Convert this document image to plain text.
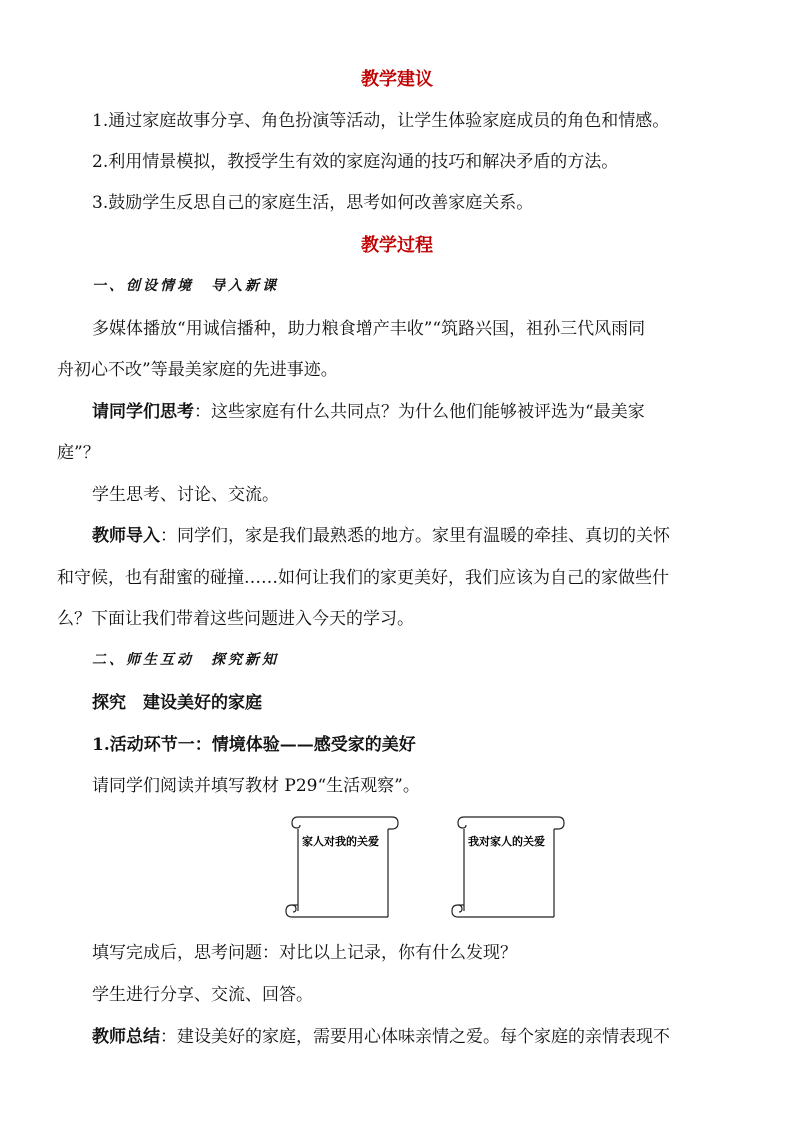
教学建议
1.通过家庭故事分享、角色扮演等活动，让学生体验家庭成员的角色和情感。
2.利用情景模拟，教授学生有效的家庭沟通的技巧和解决矛盾的方法。
3.鼓励学生反思自己的家庭生活，思考如何改善家庭关系。
教学过程
一、创设情境　导入新课
多媒体播放“用诚信播种，助力粮食增产丰收”“筑路兴国，祖孙三代风雨同
舟初心不改”等最美家庭的先进事迹。
请同学们思考：这些家庭有什么共同点？为什么他们能够被评选为“最美家
庭”？
学生思考、讨论、交流。
教师导入：同学们，家是我们最熟悉的地方。家里有温暖的牵挂、真切的关怀
和守候，也有甜蜜的碰撞……如何让我们的家更美好，我们应该为自己的家做些什
么？下面让我们带着这些问题进入今天的学习。
二、师生互动　探究新知
探究　建设美好的家庭
1.活动环节一：情境体验——感受家的美好
请同学们阅读并填写教材 P29“生活观察”。
家人对我的关爱	我对家人的关爱
填写完成后，思考问题：对比以上记录，你有什么发现？
学生进行分享、交流、回答。
教师总结：建设美好的家庭，需要用心体味亲情之爱。每个家庭的亲情表现不
